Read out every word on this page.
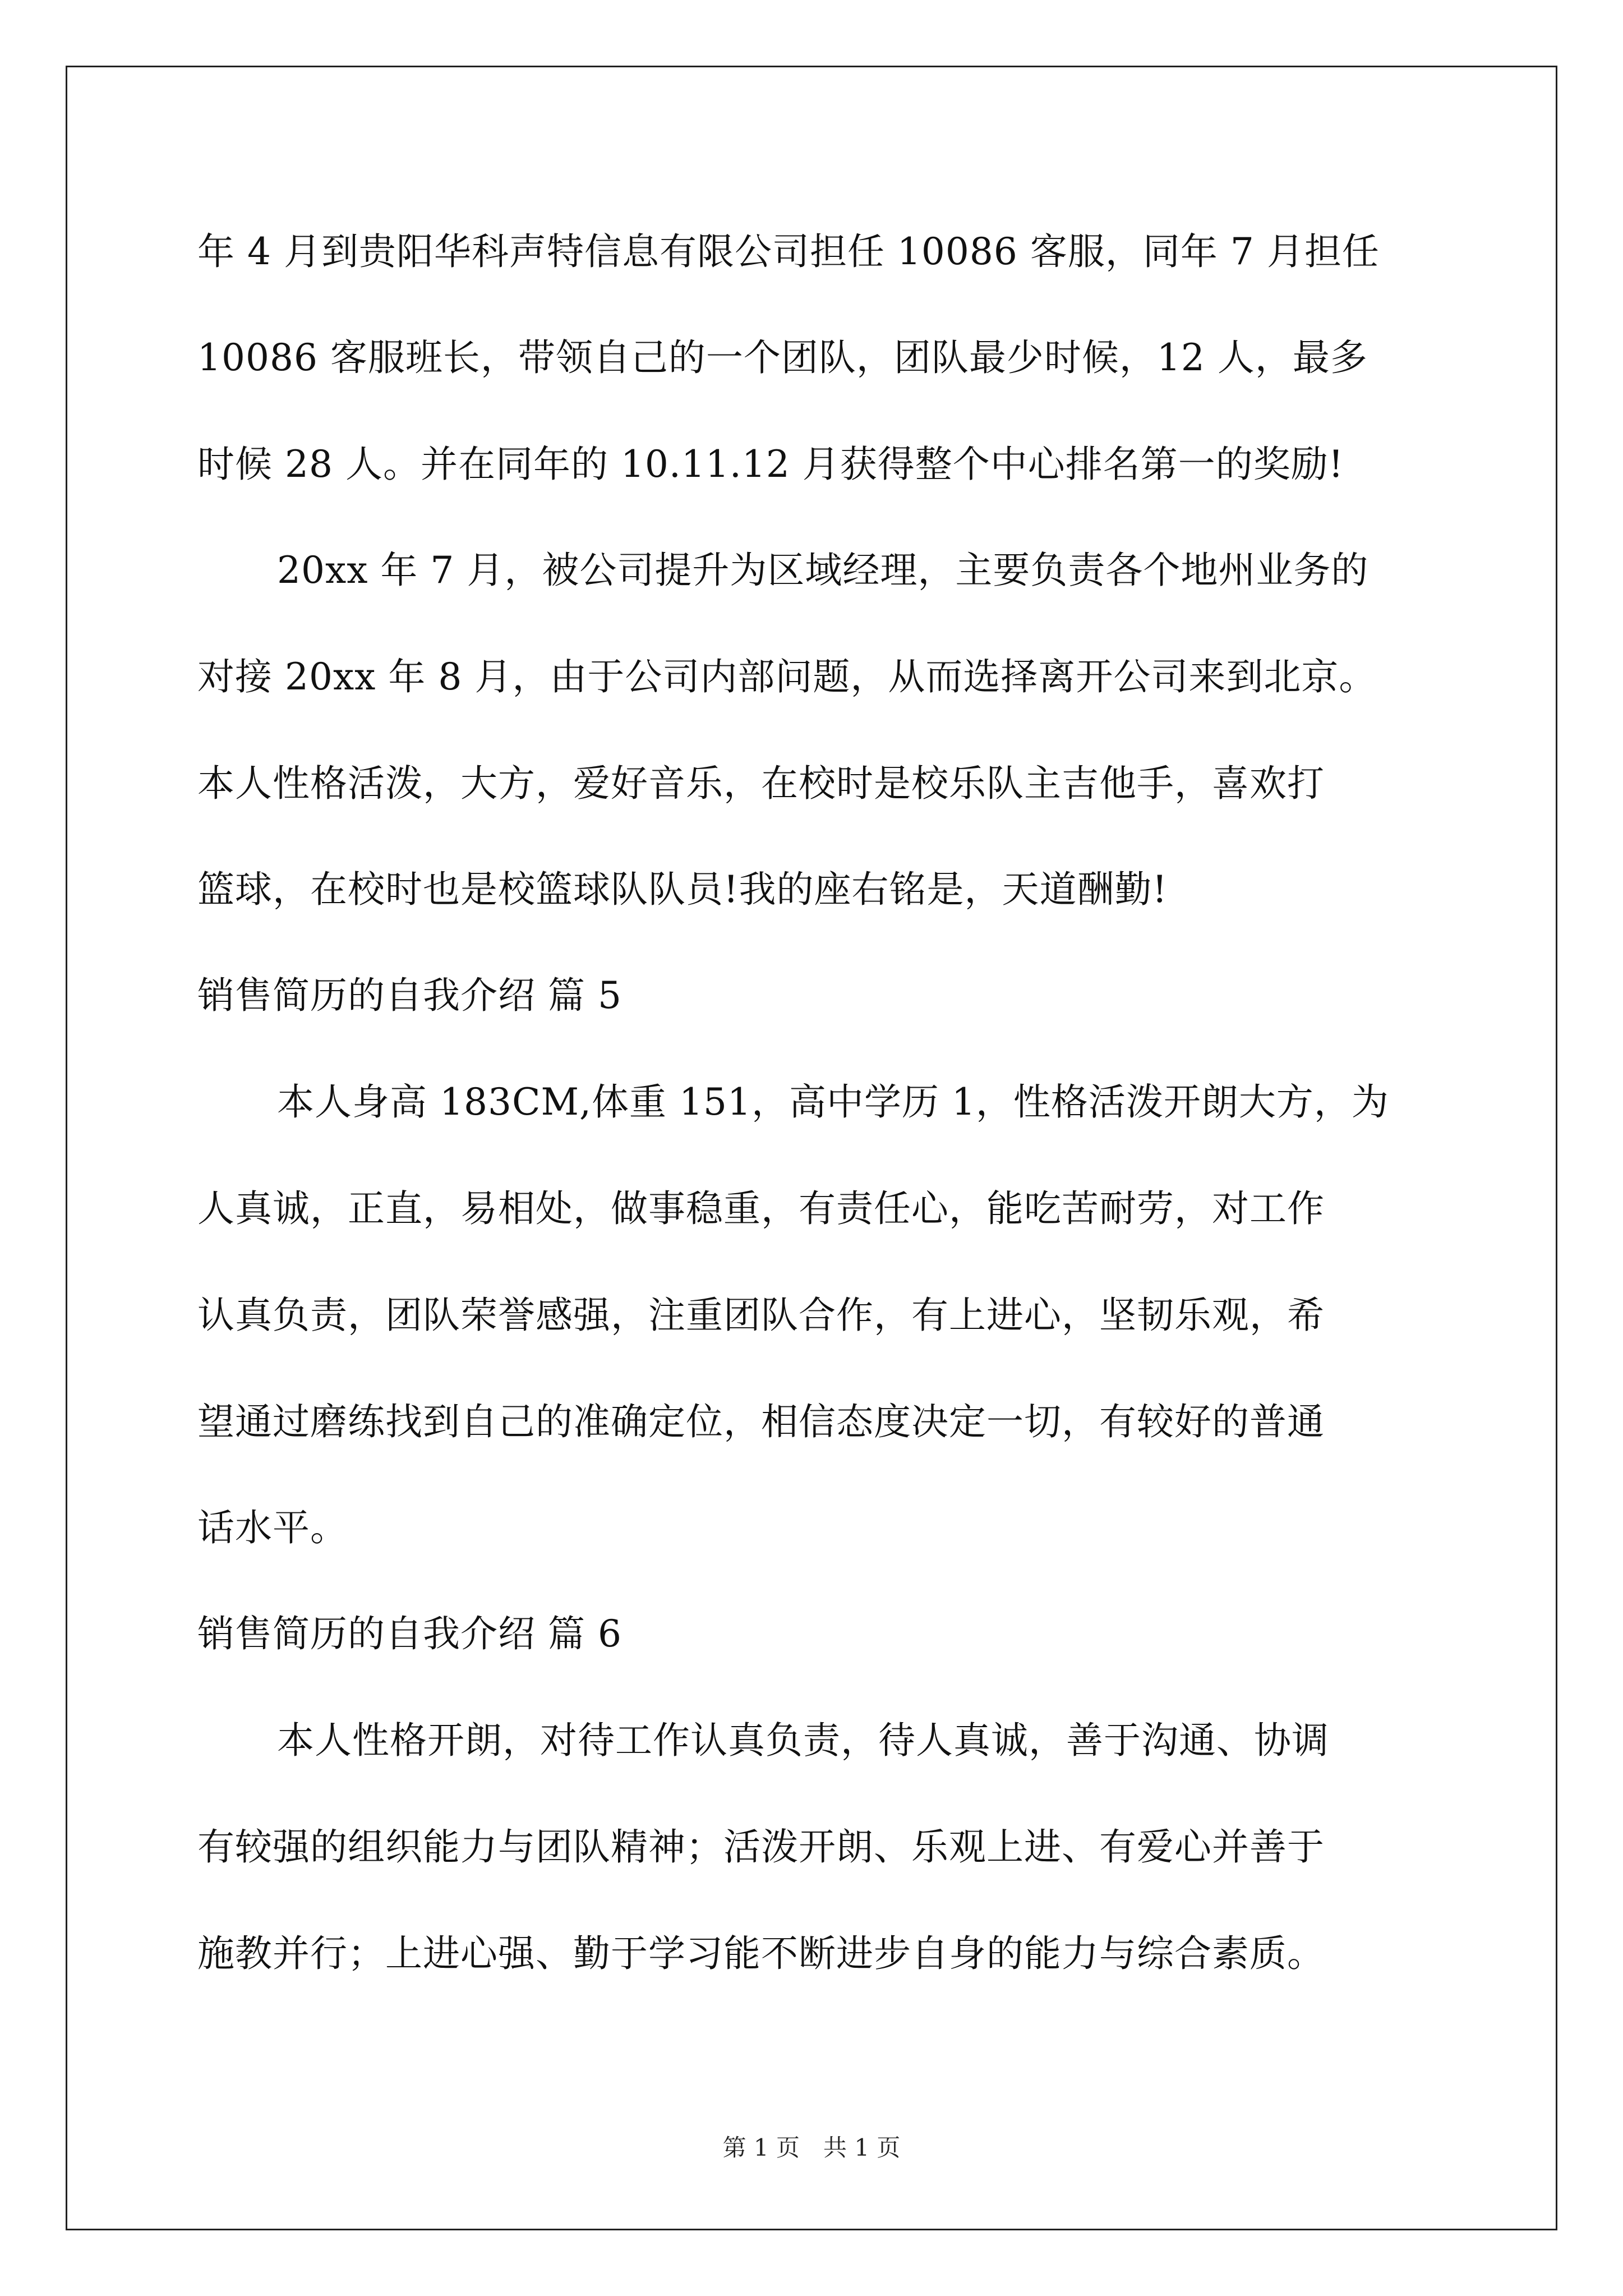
年 4 月到贵阳华科声特信息有限公司担任 10086 客服，同年 7 月担任
10086 客服班长，带领自己的一个团队，团队最少时候，12 人，最多
时候 28 人。并在同年的 10.11.12 月获得整个中心排名第一的奖励!
20xx 年 7 月，被公司提升为区域经理，主要负责各个地州业务的
对接 20xx 年 8 月，由于公司内部问题，从而选择离开公司来到北京。
本人性格活泼，大方，爱好音乐，在校时是校乐队主吉他手，喜欢打
篮球，在校时也是校篮球队队员!我的座右铭是，天道酬勤!
销售简历的自我介绍 篇 5
本人身高 183CM,体重 151，高中学历 1，性格活泼开朗大方，为
人真诚，正直，易相处，做事稳重，有责任心，能吃苦耐劳，对工作
认真负责，团队荣誉感强，注重团队合作，有上进心，坚韧乐观，希
望通过磨练找到自己的准确定位，相信态度决定一切，有较好的普通
话水平。
销售简历的自我介绍 篇 6
本人性格开朗，对待工作认真负责，待人真诚，善于沟通、协调
有较强的组织能力与团队精神；活泼开朗、乐观上进、有爱心并善于
施教并行；上进心强、勤于学习能不断进步自身的能力与综合素质。
第 1 页　共 1 页
